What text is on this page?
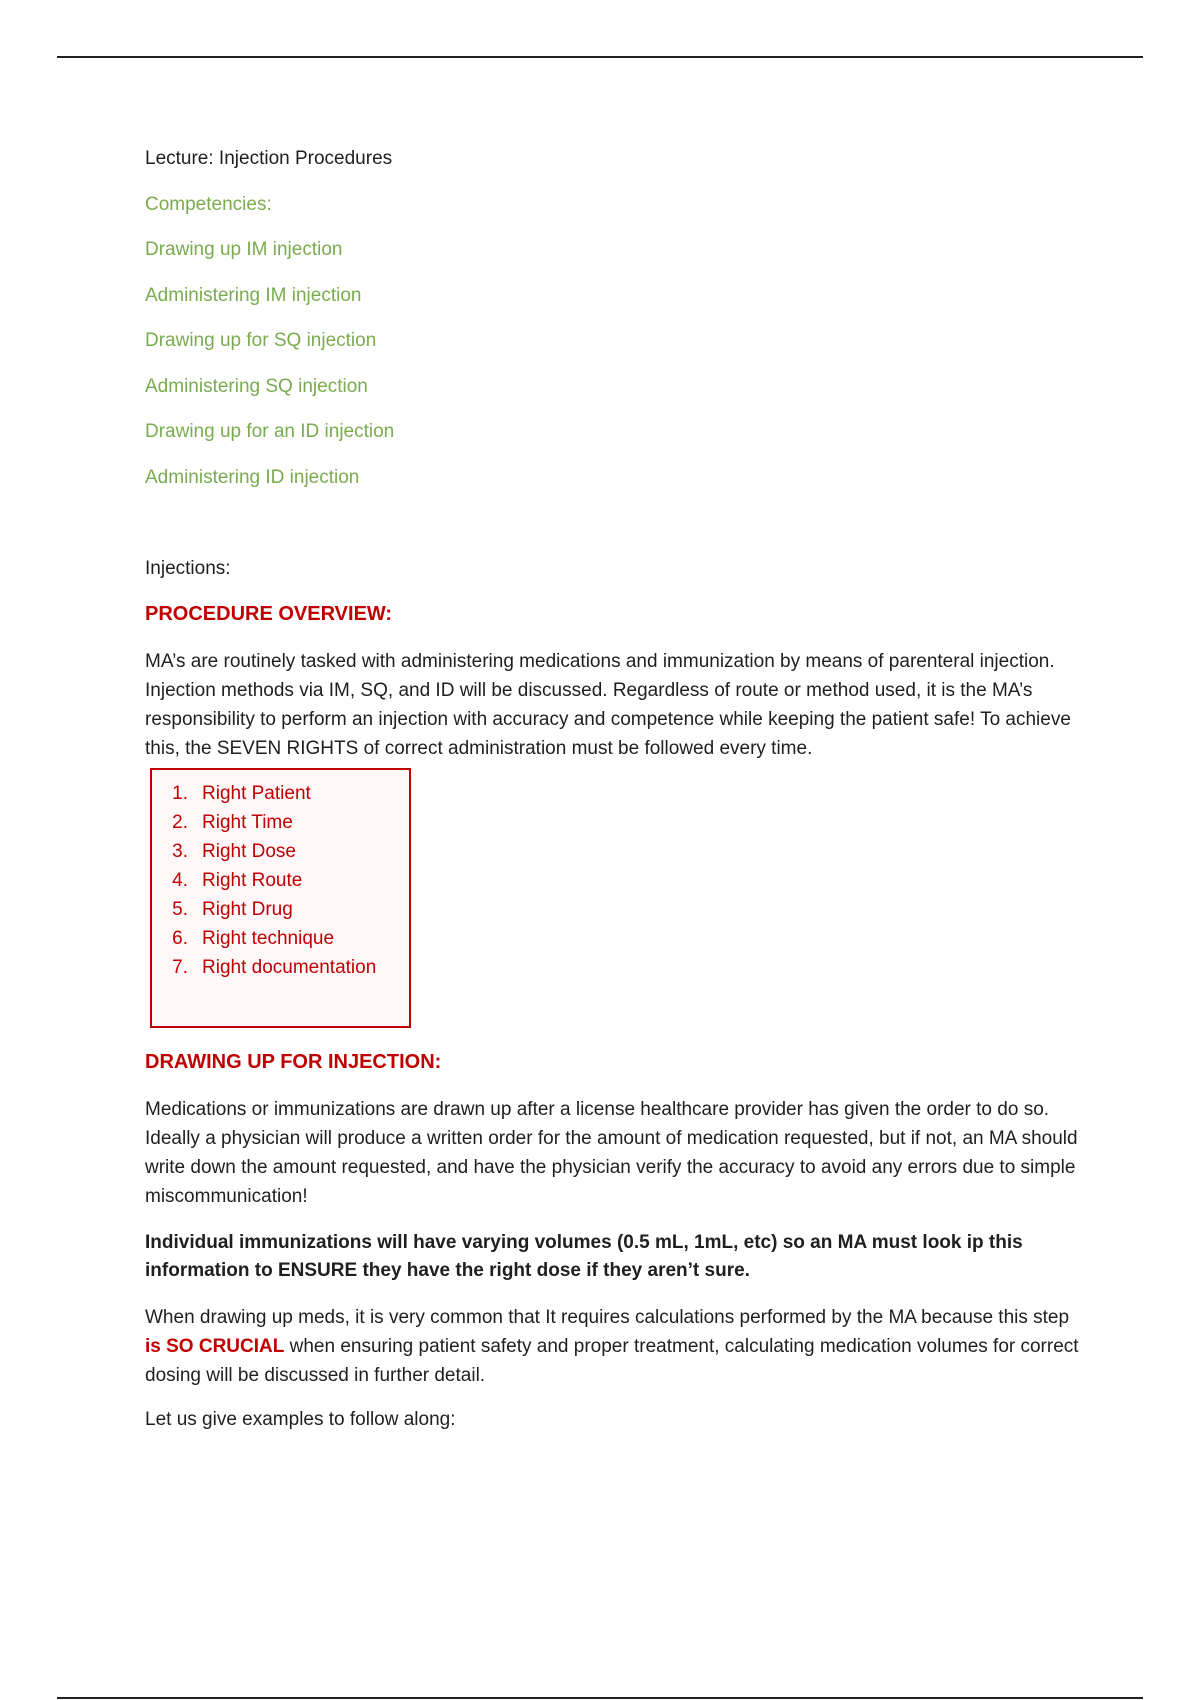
Lecture: Injection Procedures
Competencies:
Drawing up IM injection
Administering IM injection
Drawing up for SQ injection
Administering SQ injection
Drawing up for an ID injection
Administering ID injection
Injections:
PROCEDURE OVERVIEW:
MA’s are routinely tasked with administering medications and immunization by means of parenteral injection. Injection methods via IM, SQ, and ID will be discussed. Regardless of route or method used, it is the MA’s responsibility to perform an injection with accuracy and competence while keeping the patient safe! To achieve this, the SEVEN RIGHTS of correct administration must be followed every time.
1. Right Patient
2. Right Time
3. Right Dose
4. Right Route
5. Right Drug
6. Right technique
7. Right documentation
DRAWING UP FOR INJECTION:
Medications or immunizations are drawn up after a license healthcare provider has given the order to do so. Ideally a physician will produce a written order for the amount of medication requested, but if not, an MA should write down the amount requested, and have the physician verify the accuracy to avoid any errors due to simple miscommunication!
Individual immunizations will have varying volumes (0.5 mL, 1mL, etc) so an MA must look ip this information to ENSURE they have the right dose if they aren’t sure.
When drawing up meds, it is very common that It requires calculations performed by the MA because this step is SO CRUCIAL when ensuring patient safety and proper treatment, calculating medication volumes for correct dosing will be discussed in further detail.
Let us give examples to follow along:
